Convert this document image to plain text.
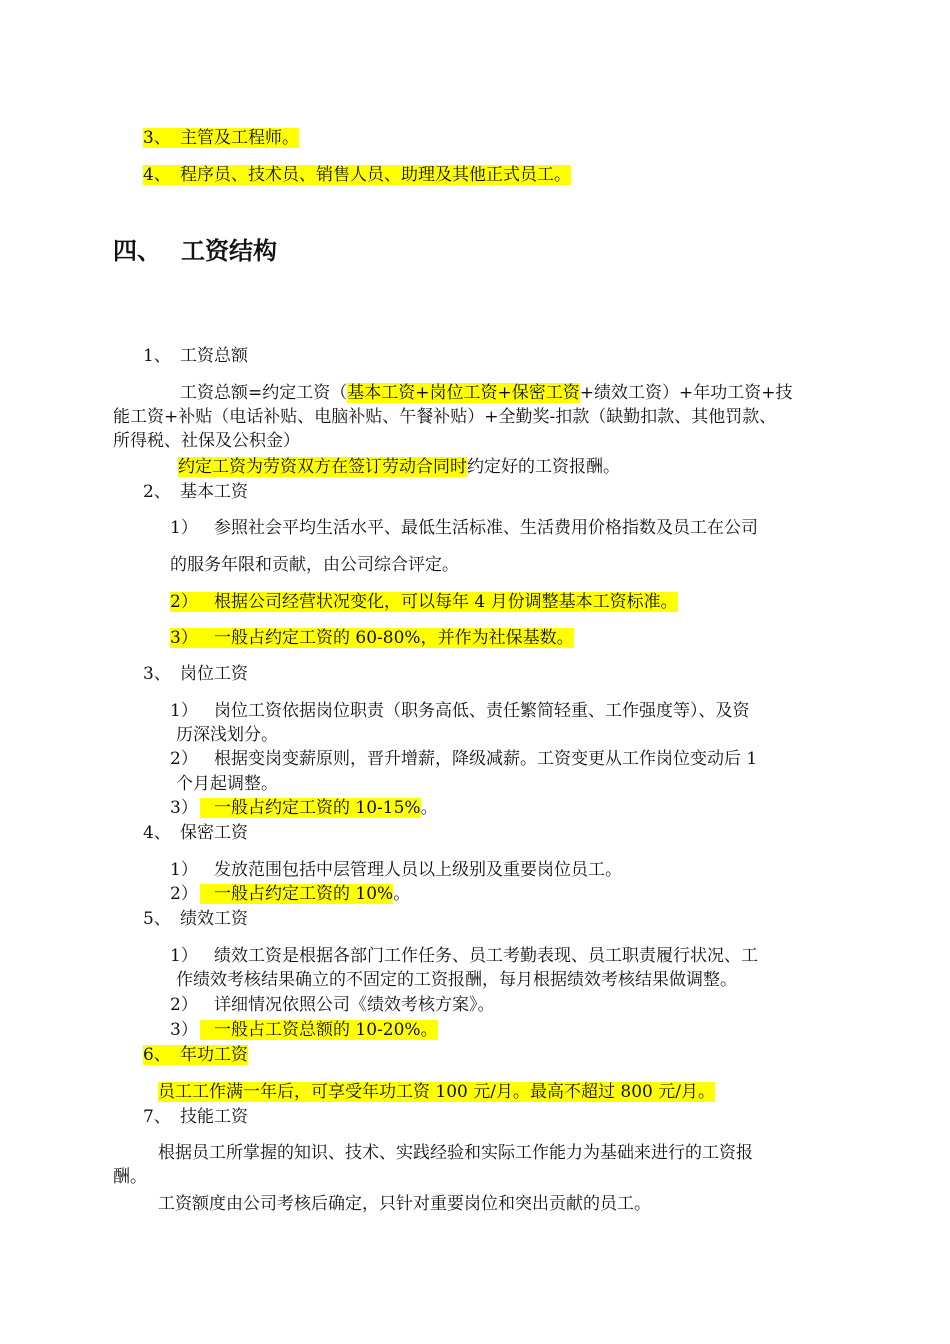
3、 主管及工程师。
4、 程序员、技术员、销售人员、助理及其他正式员工。
四、 工资结构
1、 工资总额
工资总额=约定工资（基本工资+岗位工资+保密工资+绩效工资）+年功工资+技
能工资+补贴（电话补贴、电脑补贴、午餐补贴）+全勤奖-扣款（缺勤扣款、其他罚款、
所得税、社保及公积金）
约定工资为劳资双方在签订劳动合同时约定好的工资报酬。
2、 基本工资
1） 参照社会平均生活水平、最低生活标准、生活费用价格指数及员工在公司
的服务年限和贡献，由公司综合评定。
2） 根据公司经营状况变化，可以每年 4 月份调整基本工资标准。
3） 一般占约定工资的 60-80%，并作为社保基数。
3、 岗位工资
1） 岗位工资依据岗位职责（职务高低、责任繁简轻重、工作强度等）、及资
历深浅划分。
2） 根据变岗变薪原则，晋升增薪，降级减薪。工资变更从工作岗位变动后 1
个月起调整。
3） 一般占约定工资的 10-15%。
4、 保密工资
1） 发放范围包括中层管理人员以上级别及重要岗位员工。
2） 一般占约定工资的 10%。
5、 绩效工资
1） 绩效工资是根据各部门工作任务、员工考勤表现、员工职责履行状况、工
作绩效考核结果确立的不固定的工资报酬，每月根据绩效考核结果做调整。
2） 详细情况依照公司《绩效考核方案》。
3） 一般占工资总额的 10-20%。
6、 年功工资
员工工作满一年后，可享受年功工资 100 元/月。最高不超过 800 元/月。
7、 技能工资
根据员工所掌握的知识、技术、实践经验和实际工作能力为基础来进行的工资报
酬。
工资额度由公司考核后确定，只针对重要岗位和突出贡献的员工。
